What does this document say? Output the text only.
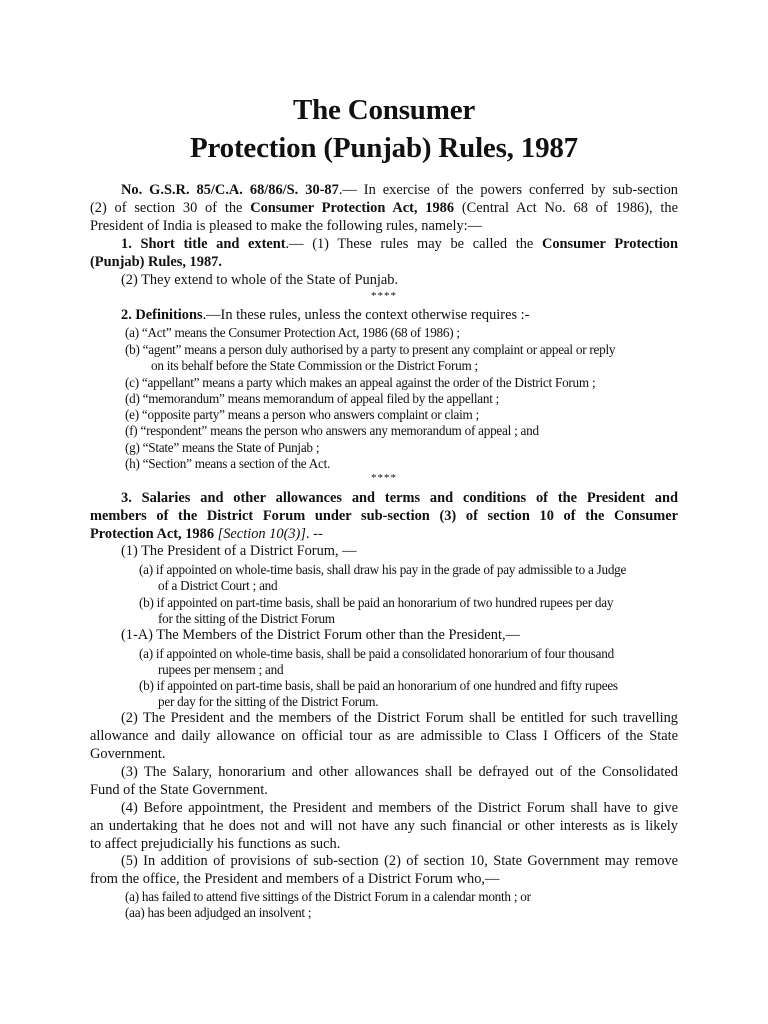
The Consumer
Protection (Punjab) Rules, 1987
No. G.S.R. 85/C.A. 68/86/S. 30-87.— In exercise of the powers conferred by sub-section
(2) of section 30 of the Consumer Protection Act, 1986 (Central Act No. 68 of 1986), the
President of India is pleased to make the following rules, namely:—
1. Short title and extent.— (1) These rules may be called the Consumer Protection
(Punjab) Rules, 1987.
(2) They extend to whole of the State of Punjab.
****
2. Definitions.—In these rules, unless the context otherwise requires :-
(a) “Act” means the Consumer Protection Act, 1986 (68 of 1986) ;
(b) “agent” means a person duly authorised by a party to present any complaint or appeal or reply
on its behalf before the State Commission or the District Forum ;
(c) “appellant” means a party which makes an appeal against the order of the District Forum ;
(d) “memorandum” means memorandum of appeal filed by the appellant ;
(e) “opposite party” means a person who answers complaint or claim ;
(f) “respondent” means the person who answers any memorandum of appeal ; and
(g) “State” means the State of Punjab ;
(h) “Section” means a section of the Act.
****
3. Salaries and other allowances and terms and conditions of the President and
members of the District Forum under sub-section (3) of section 10 of the Consumer
Protection Act, 1986 [Section 10(3)]. --
(1) The President of a District Forum, —
(a) if appointed on whole-time basis, shall draw his pay in the grade of pay admissible to a Judge
of a District Court ; and
(b) if appointed on part-time basis, shall be paid an honorarium of two hundred rupees per day
for the sitting of the District Forum
(1-A) The Members of the District Forum other than the President,—
(a) if appointed on whole-time basis, shall be paid a consolidated honorarium of four thousand
rupees per mensem ; and
(b) if appointed on part-time basis, shall be paid an honorarium of one hundred and fifty rupees
per day for the sitting of the District Forum.
(2) The President and the members of the District Forum shall be entitled for such travelling
allowance and daily allowance on official tour as are admissible to Class I Officers of the State
Government.
(3) The Salary, honorarium and other allowances shall be defrayed out of the Consolidated
Fund of the State Government.
(4) Before appointment, the President and members of the District Forum shall have to give
an undertaking that he does not and will not have any such financial or other interests as is likely
to affect prejudicially his functions as such.
(5) In addition of provisions of sub-section (2) of section 10, State Government may remove
from the office, the President and members of a District Forum who,—
(a) has failed to attend five sittings of the District Forum in a calendar month ; or
(aa) has been adjudged an insolvent ;
